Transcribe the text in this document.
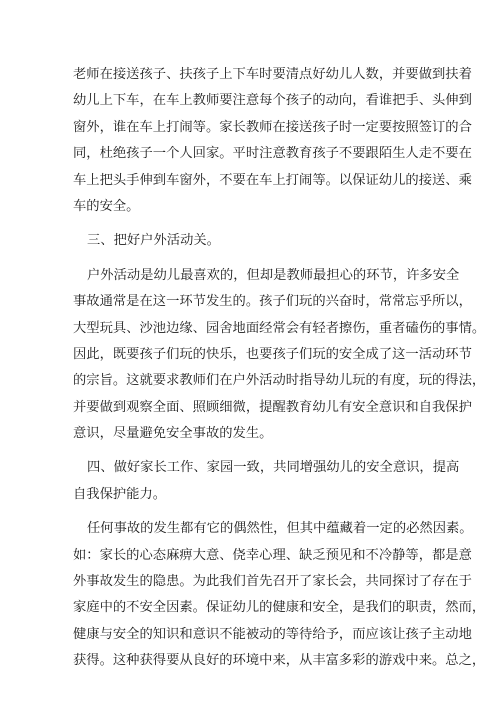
老师在接送孩子、扶孩子上下车时要清点好幼儿人数，并要做到扶着
幼儿上下车，在车上教师要注意每个孩子的动向，看谁把手、头伸到
窗外，谁在车上打闹等。家长教师在接送孩子时一定要按照签订的合
同，杜绝孩子一个人回家。平时注意教育孩子不要跟陌生人走不要在
车上把头手伸到车窗外，不要在车上打闹等。以保证幼儿的接送、乘
车的安全。
三、把好户外活动关。
户外活动是幼儿最喜欢的，但却是教师最担心的环节，许多安全
事故通常是在这一环节发生的。孩子们玩的兴奋时，常常忘乎所以，
大型玩具、沙池边缘、园舍地面经常会有轻者擦伤，重者磕伤的事情。
因此，既要孩子们玩的快乐，也要孩子们玩的安全成了这一活动环节
的宗旨。这就要求教师们在户外活动时指导幼儿玩的有度，玩的得法，
并要做到观察全面、照顾细微，提醒教育幼儿有安全意识和自我保护
意识，尽量避免安全事故的发生。
四、做好家长工作、家园一致，共同增强幼儿的安全意识，提高
自我保护能力。
任何事故的发生都有它的偶然性，但其中蕴藏着一定的必然因素。
如：家长的心态麻痹大意、侥幸心理、缺乏预见和不冷静等，都是意
外事故发生的隐患。为此我们首先召开了家长会，共同探讨了存在于
家庭中的不安全因素。保证幼儿的健康和安全，是我们的职责，然而，
健康与安全的知识和意识不能被动的等待给予，而应该让孩子主动地
获得。这种获得要从良好的环境中来，从丰富多彩的游戏中来。总之，
